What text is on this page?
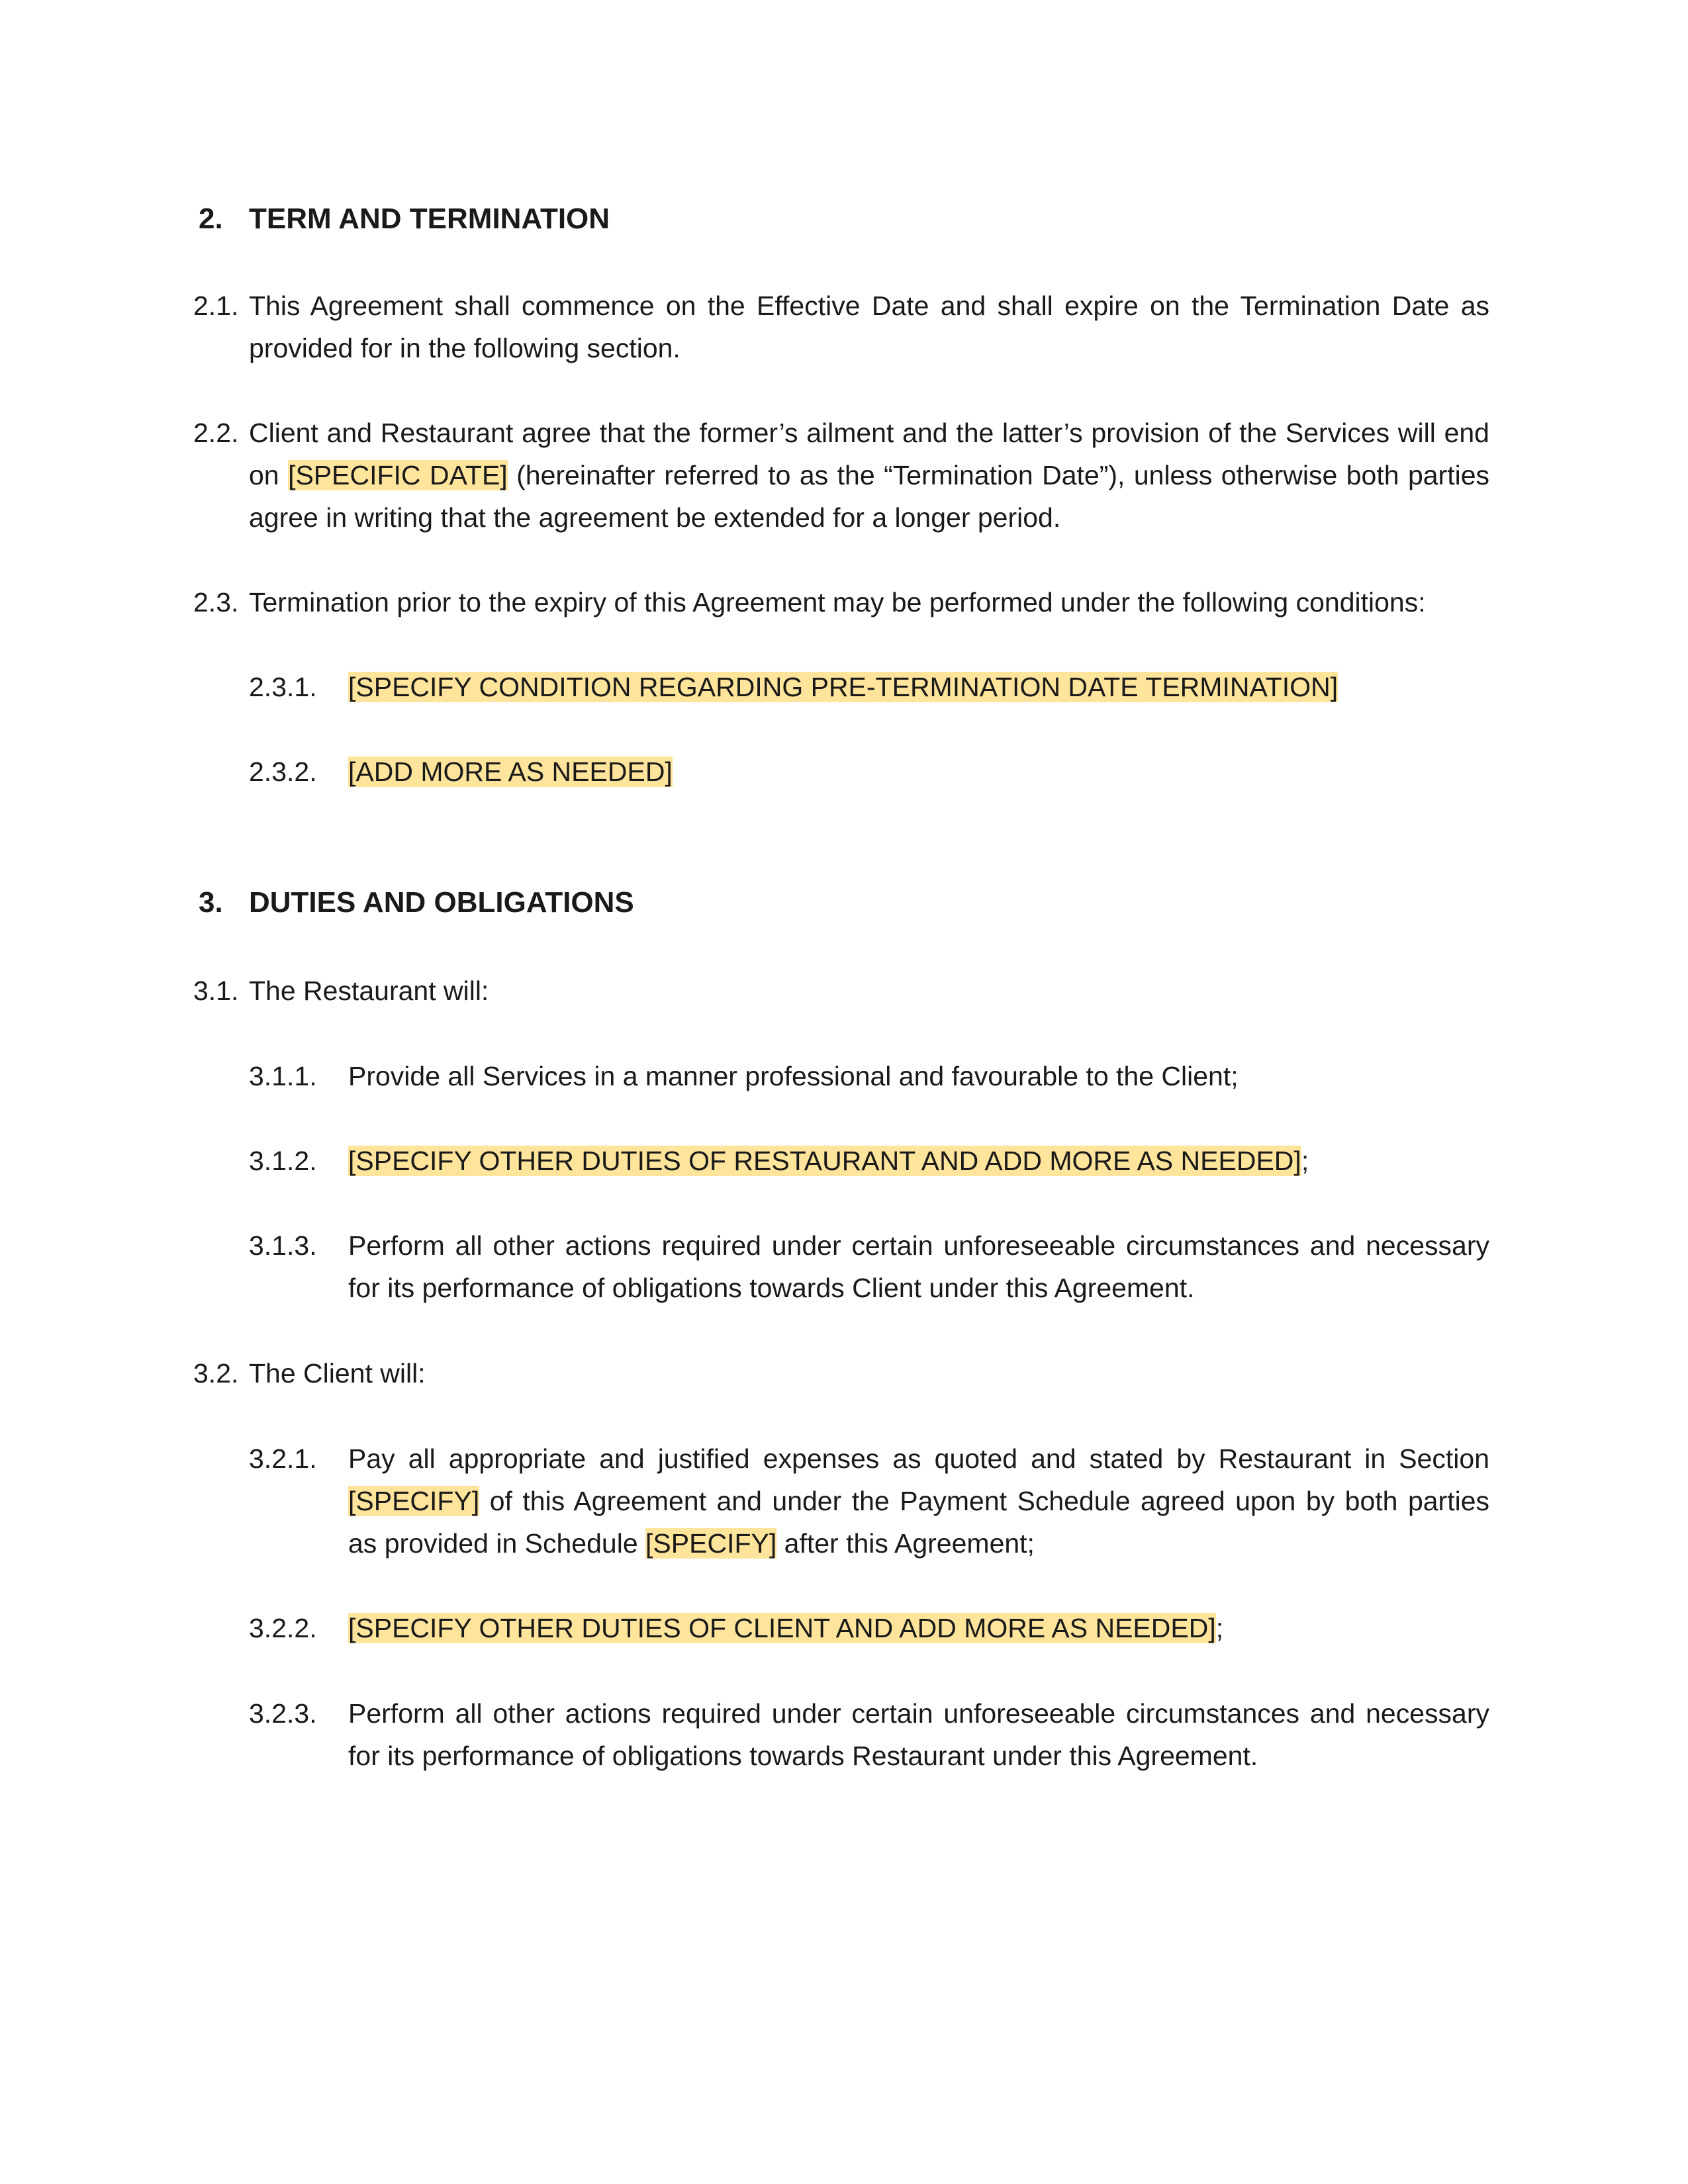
2. TERM AND TERMINATION
2.1. This Agreement shall commence on the Effective Date and shall expire on the Termination Date as provided for in the following section.
2.2. Client and Restaurant agree that the former’s ailment and the latter’s provision of the Services will end on [SPECIFIC DATE] (hereinafter referred to as the “Termination Date”), unless otherwise both parties agree in writing that the agreement be extended for a longer period.
2.3. Termination prior to the expiry of this Agreement may be performed under the following conditions:
2.3.1. [SPECIFY CONDITION REGARDING PRE-TERMINATION DATE TERMINATION]
2.3.2. [ADD MORE AS NEEDED]
3. DUTIES AND OBLIGATIONS
3.1. The Restaurant will:
3.1.1. Provide all Services in a manner professional and favourable to the Client;
3.1.2. [SPECIFY OTHER DUTIES OF RESTAURANT AND ADD MORE AS NEEDED];
3.1.3. Perform all other actions required under certain unforeseeable circumstances and necessary for its performance of obligations towards Client under this Agreement.
3.2. The Client will:
3.2.1. Pay all appropriate and justified expenses as quoted and stated by Restaurant in Section [SPECIFY] of this Agreement and under the Payment Schedule agreed upon by both parties as provided in Schedule [SPECIFY] after this Agreement;
3.2.2. [SPECIFY OTHER DUTIES OF CLIENT AND ADD MORE AS NEEDED];
3.2.3. Perform all other actions required under certain unforeseeable circumstances and necessary for its performance of obligations towards Restaurant under this Agreement.
